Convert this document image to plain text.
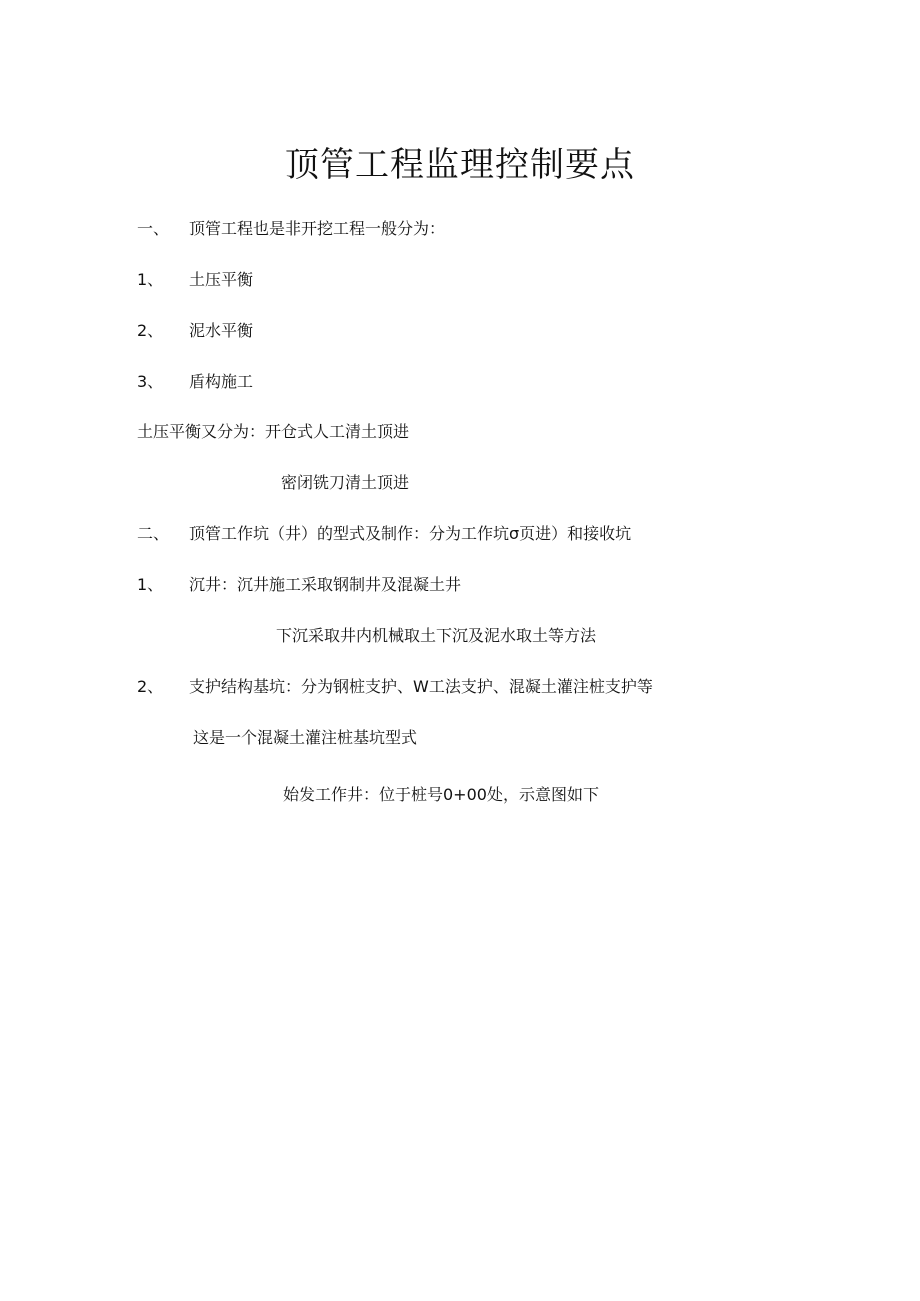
顶管工程监理控制要点
一、 顶管工程也是非开挖工程一般分为：
1、 土压平衡
2、 泥水平衡
3、 盾构施工
土压平衡又分为：开仓式人工清土顶进
密闭铣刀清土顶进
二、 顶管工作坑（井）的型式及制作：分为工作坑σ页进）和接收坑
1、 沉井：沉井施工采取钢制井及混凝土井
下沉采取井内机械取土下沉及泥水取土等方法
2、 支护结构基坑：分为钢桩支护、W工法支护、混凝土灌注桩支护等
这是一个混凝土灌注桩基坑型式
始发工作井：位于桩号0+00处，示意图如下
